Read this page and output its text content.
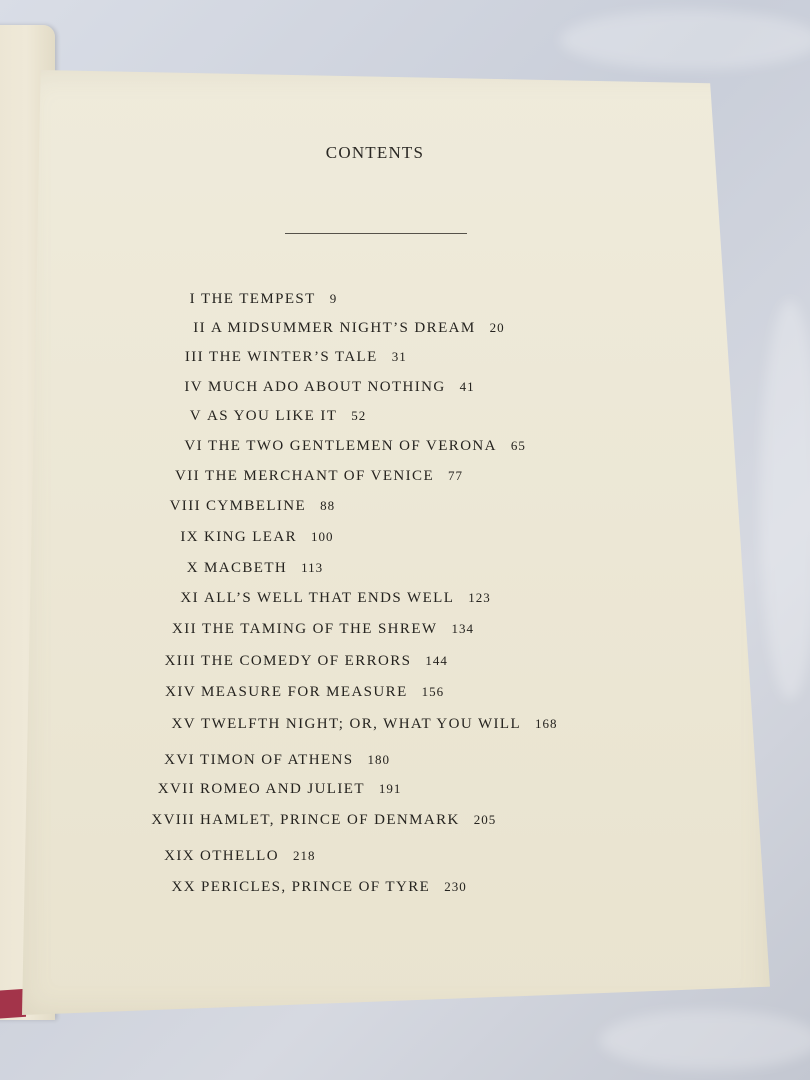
CONTENTS
I THE TEMPEST 9
II A MIDSUMMER NIGHT’S DREAM 20
III THE WINTER’S TALE 31
IV MUCH ADO ABOUT NOTHING 41
V AS YOU LIKE IT 52
VI THE TWO GENTLEMEN OF VERONA 65
VII THE MERCHANT OF VENICE 77
VIII CYMBELINE 88
IX KING LEAR 100
X MACBETH 113
XI ALL’S WELL THAT ENDS WELL 123
XII THE TAMING OF THE SHREW 134
XIII THE COMEDY OF ERRORS 144
XIV MEASURE FOR MEASURE 156
XV TWELFTH NIGHT; OR, WHAT YOU WILL 168
XVI TIMON OF ATHENS 180
XVII ROMEO AND JULIET 191
XVIII HAMLET, PRINCE OF DENMARK 205
XIX OTHELLO 218
XX PERICLES, PRINCE OF TYRE 230
